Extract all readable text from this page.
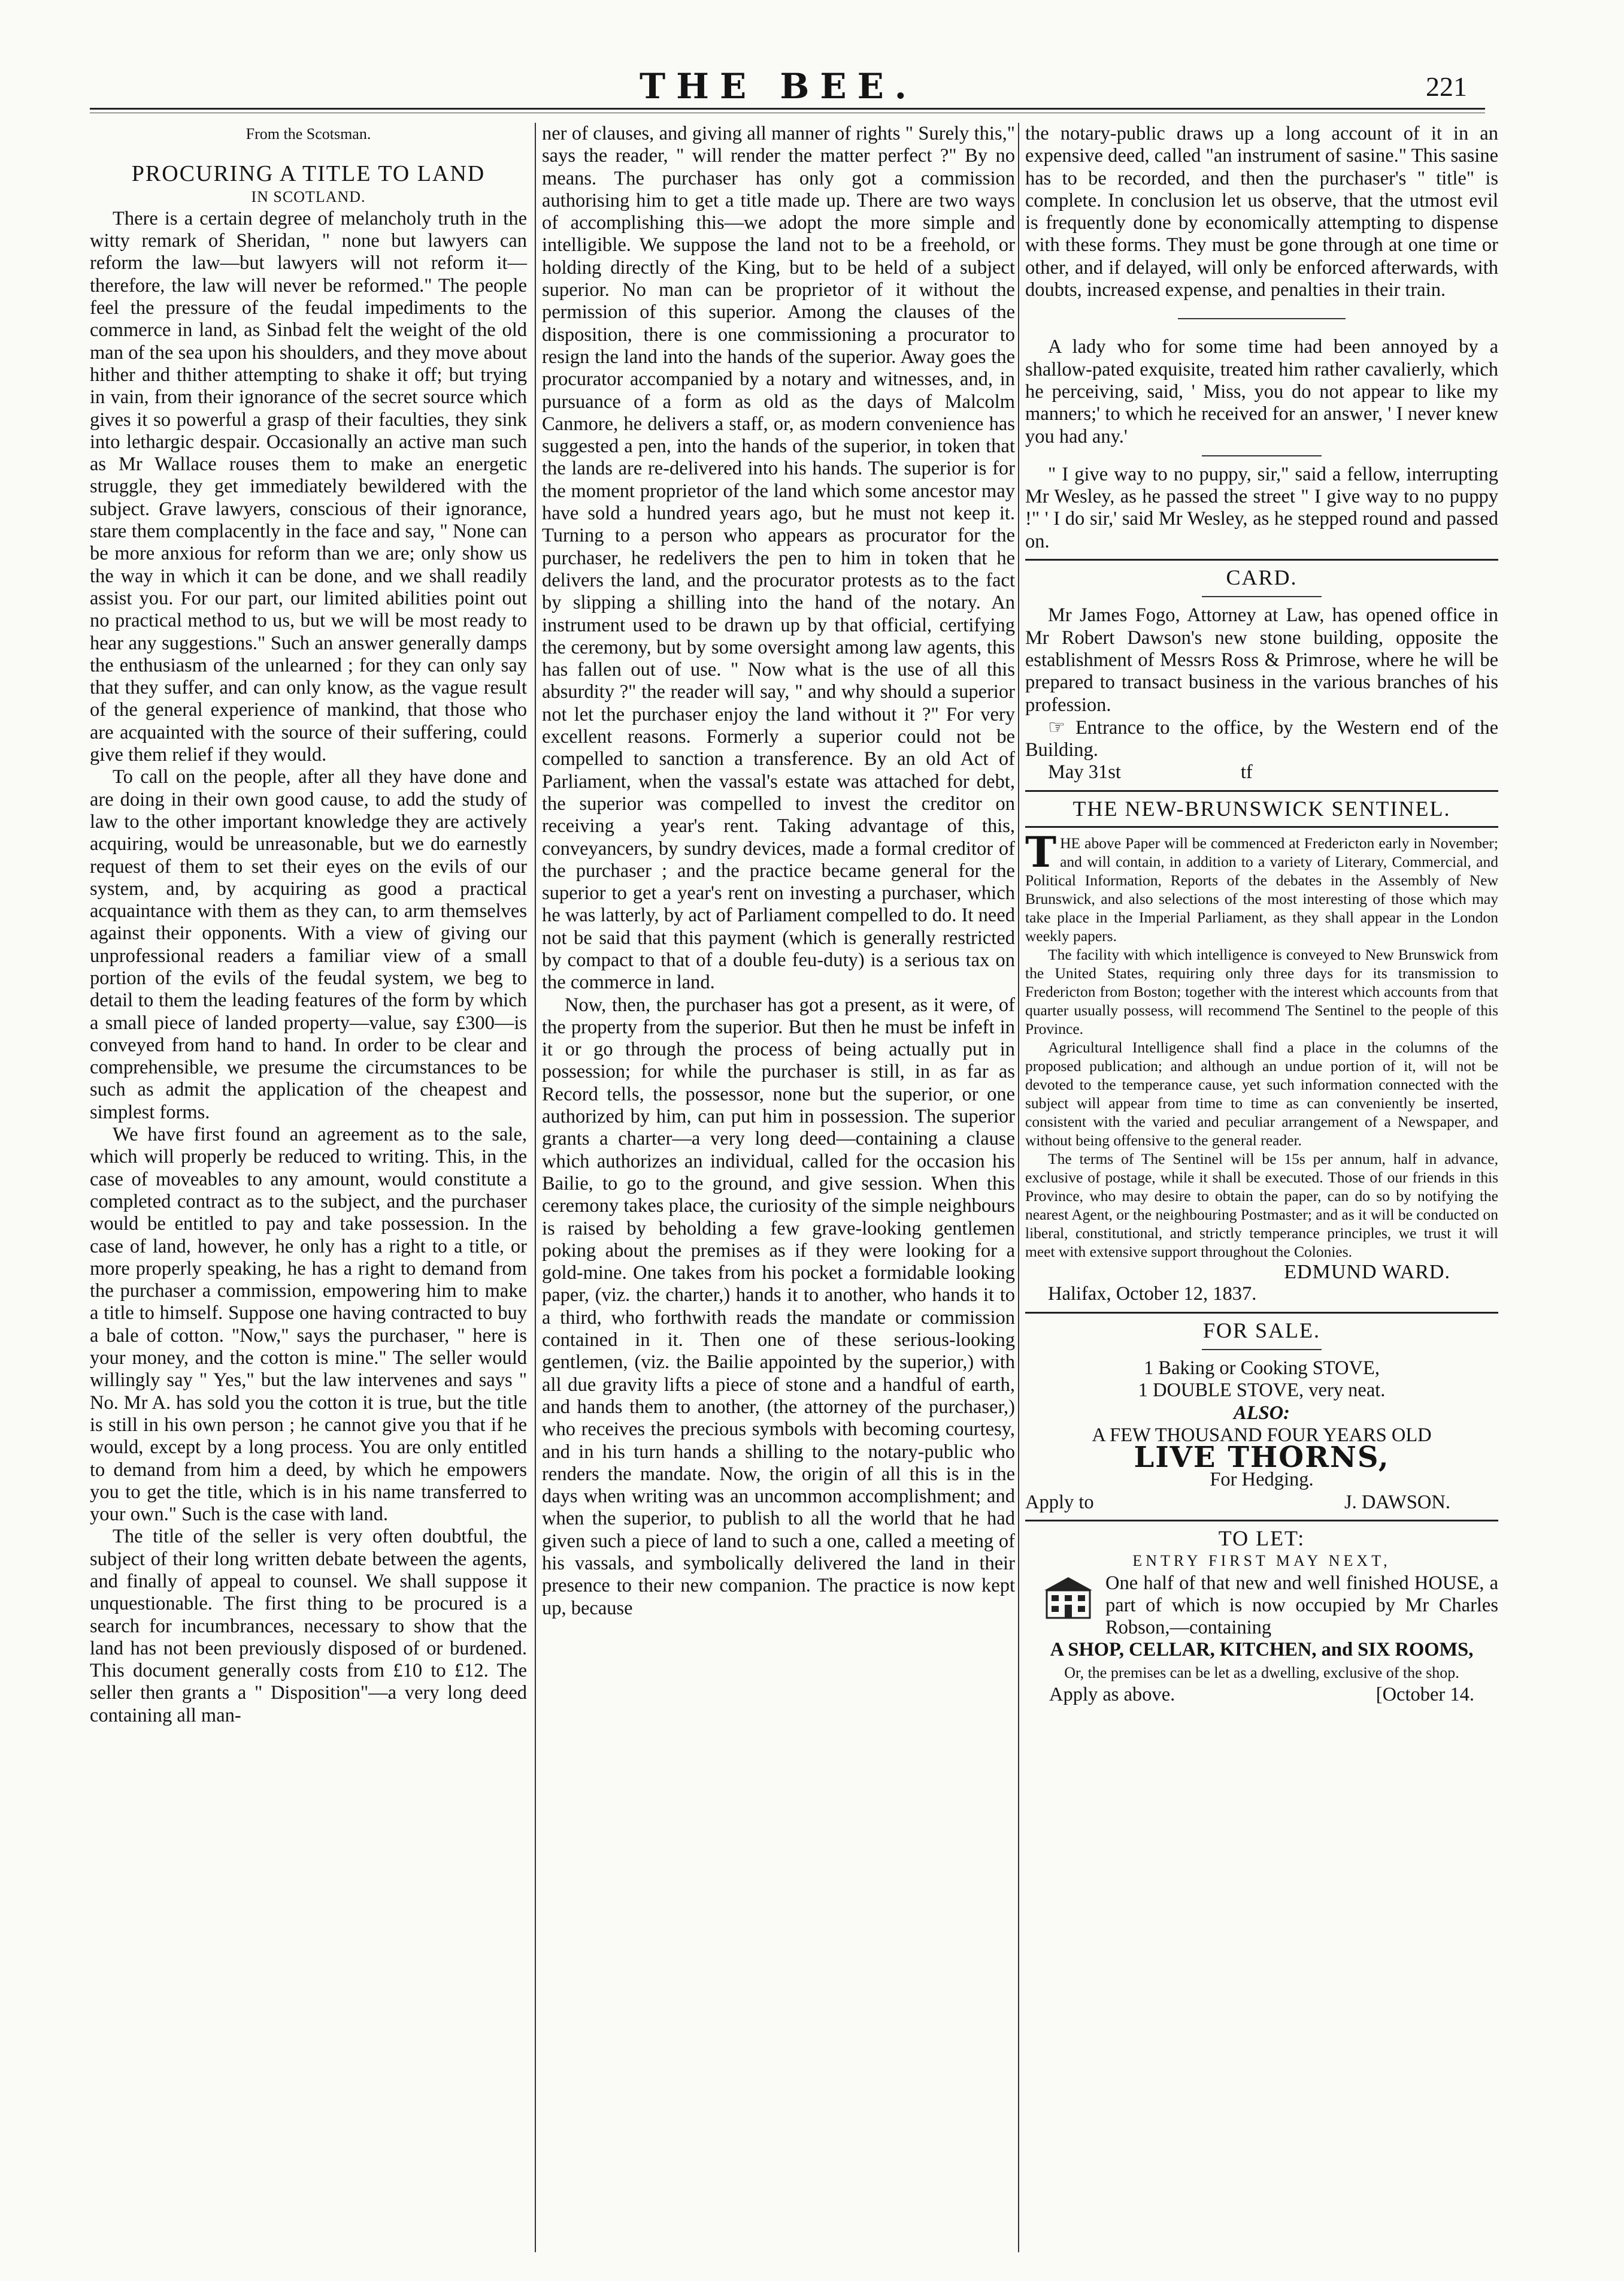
THE BEE.	221

From the Scotsman.

PROCURING A TITLE TO LAND

IN SCOTLAND.

There is a certain degree of melancholy truth in the witty remark of Sheridan, " none but lawyers can reform the law—but lawyers will not reform it—therefore, the law will never be reformed." The people feel the pressure of the feudal impediments to the commerce in land, as Sinbad felt the weight of the old man of the sea upon his shoulders, and they move about hither and thither attempting to shake it off; but trying in vain, from their ignorance of the secret source which gives it so powerful a grasp of their faculties, they sink into lethargic despair. Occasionally an active man such as Mr Wallace rouses them to make an energetic struggle, they get immediately bewildered with the subject. Grave lawyers, conscious of their ignorance, stare them complacently in the face and say, " None can be more anxious for reform than we are; only show us the way in which it can be done, and we shall readily assist you. For our part, our limited abilities point out no practical method to us, but we will be most ready to hear any suggestions." Such an answer generally damps the enthusiasm of the unlearned ; for they can only say that they suffer, and can only know, as the vague result of the general experience of mankind, that those who are acquainted with the source of their suffering, could give them relief if they would.

To call on the people, after all they have done and are doing in their own good cause, to add the study of law to the other important knowledge they are actively acquiring, would be unreasonable, but we do earnestly request of them to set their eyes on the evils of our system, and, by acquiring as good a practical acquaintance with them as they can, to arm themselves against their opponents. With a view of giving our unprofessional readers a familiar view of a small portion of the evils of the feudal system, we beg to detail to them the leading features of the form by which a small piece of landed property—value, say £300—is conveyed from hand to hand. In order to be clear and comprehensible, we presume the circumstances to be such as admit the application of the cheapest and simplest forms.

We have first found an agreement as to the sale, which will properly be reduced to writing. This, in the case of moveables to any amount, would constitute a completed contract as to the subject, and the purchaser would be entitled to pay and take possession. In the case of land, however, he only has a right to a title, or more properly speaking, he has a right to demand from the purchaser a commission, empowering him to make a title to himself. Suppose one having contracted to buy a bale of cotton. "Now," says the purchaser, " here is your money, and the cotton is mine." The seller would willingly say " Yes," but the law intervenes and says " No. Mr A. has sold you the cotton it is true, but the title is still in his own person ; he cannot give you that if he would, except by a long process. You are only entitled to demand from him a deed, by which he empowers you to get the title, which is in his name transferred to your own." Such is the case with land.

The title of the seller is very often doubtful, the subject of their long written debate between the agents, and finally of appeal to counsel. We shall suppose it unquestionable. The first thing to be procured is a search for incumbrances, necessary to show that the land has not been previously disposed of or burdened. This document generally costs from £10 to £12. The seller then grants a " Disposition"—a very long deed containing all man-

ner of clauses, and giving all manner of rights " Surely this," says the reader, " will render the matter perfect ?" By no means. The purchaser has only got a commission authorising him to get a title made up. There are two ways of accomplishing this—we adopt the more simple and intelligible. We suppose the land not to be a freehold, or holding directly of the King, but to be held of a subject superior. No man can be proprietor of it without the permission of this superior. Among the clauses of the disposition, there is one commissioning a procurator to resign the land into the hands of the superior. Away goes the procurator accompanied by a notary and witnesses, and, in pursuance of a form as old as the days of Malcolm Canmore, he delivers a staff, or, as modern convenience has suggested a pen, into the hands of the superior, in token that the lands are re-delivered into his hands. The superior is for the moment proprietor of the land which some ancestor may have sold a hundred years ago, but he must not keep it. Turning to a person who appears as procurator for the purchaser, he redelivers the pen to him in token that he delivers the land, and the procurator protests as to the fact by slipping a shilling into the hand of the notary. An instrument used to be drawn up by that official, certifying the ceremony, but by some oversight among law agents, this has fallen out of use. " Now what is the use of all this absurdity ?" the reader will say, " and why should a superior not let the purchaser enjoy the land without it ?" For very excellent reasons. Formerly a superior could not be compelled to sanction a transference. By an old Act of Parliament, when the vassal's estate was attached for debt, the superior was compelled to invest the creditor on receiving a year's rent. Taking advantage of this, conveyancers, by sundry devices, made a formal creditor of the purchaser ; and the practice became general for the superior to get a year's rent on investing a purchaser, which he was latterly, by act of Parliament compelled to do. It need not be said that this payment (which is generally restricted by compact to that of a double feu-duty) is a serious tax on the commerce in land.

Now, then, the purchaser has got a present, as it were, of the property from the superior. But then he must be infeft in it or go through the process of being actually put in possession; for while the purchaser is still, in as far as Record tells, the possessor, none but the superior, or one authorized by him, can put him in possession. The superior grants a charter—a very long deed—containing a clause which authorizes an individual, called for the occasion his Bailie, to go to the ground, and give session. When this ceremony takes place, the curiosity of the simple neighbours is raised by beholding a few grave-looking gentlemen poking about the premises as if they were looking for a gold-mine. One takes from his pocket a formidable looking paper, (viz. the charter,) hands it to another, who hands it to a third, who forthwith reads the mandate or commission contained in it. Then one of these serious-looking gentlemen, (viz. the Bailie appointed by the superior,) with all due gravity lifts a piece of stone and a handful of earth, and hands them to another, (the attorney of the purchaser,) who receives the precious symbols with becoming courtesy, and in his turn hands a shilling to the notary-public who renders the mandate. Now, the origin of all this is in the days when writing was an uncommon accomplishment; and when the superior, to publish to all the world that he had given such a piece of land to such a one, called a meeting of his vassals, and symbolically delivered the land in their presence to their new companion. The practice is now kept up, because

the notary-public draws up a long account of it in an expensive deed, called "an instrument of sasine." This sasine has to be recorded, and then the purchaser's " title" is complete. In conclusion let us observe, that the utmost evil is frequently done by economically attempting to dispense with these forms. They must be gone through at one time or other, and if delayed, will only be enforced afterwards, with doubts, increased expense, and penalties in their train.

A lady who for some time had been annoyed by a shallow-pated exquisite, treated him rather cavalierly, which he perceiving, said, ' Miss, you do not appear to like my manners;' to which he received for an answer, ' I never knew you had any.'

" I give way to no puppy, sir," said a fellow, interrupting Mr Wesley, as he passed the street " I give way to no puppy !" ' I do sir,' said Mr Wesley, as he stepped round and passed on.

CARD.

Mr James Fogo, Attorney at Law, has opened office in Mr Robert Dawson's new stone building, opposite the establishment of Messrs Ross & Primrose, where he will be prepared to transact business in the various branches of his profession.

☞ Entrance to the office, by the Western end of the Building.

May 31st	tf

THE NEW-BRUNSWICK SENTINEL.

THE above Paper will be commenced at Fredericton early in November; and will contain, in addition to a variety of Literary, Commercial, and Political Information, Reports of the debates in the Assembly of New Brunswick, and also selections of the most interesting of those which may take place in the Imperial Parliament, as they shall appear in the London weekly papers.

The facility with which intelligence is conveyed to New Brunswick from the United States, requiring only three days for its transmission to Fredericton from Boston; together with the interest which accounts from that quarter usually possess, will recommend The Sentinel to the people of this Province.

Agricultural Intelligence shall find a place in the columns of the proposed publication; and although an undue portion of it, will not be devoted to the temperance cause, yet such information connected with the subject will appear from time to time as can conveniently be inserted, consistent with the varied and peculiar arrangement of a Newspaper, and without being offensive to the general reader.

The terms of The Sentinel will be 15s per annum, half in advance, exclusive of postage, while it shall be executed. Those of our friends in this Province, who may desire to obtain the paper, can do so by notifying the nearest Agent, or the neighbouring Postmaster; and as it will be conducted on liberal, constitutional, and strictly temperance principles, we trust it will meet with extensive support throughout the Colonies.

EDMUND WARD.

Halifax, October 12, 1837.

FOR SALE.

1 Baking or Cooking STOVE,

1 DOUBLE STOVE, very neat.

ALSO:

A FEW THOUSAND FOUR YEARS OLD

LIVE THORNS,

For Hedging.

Apply to	J. DAWSON.

TO LET:

ENTRY FIRST MAY NEXT,

One half of that new and well finished HOUSE, a part of which is now occupied by Mr Charles Robson,—containing

A SHOP, CELLAR, KITCHEN, and SIX ROOMS,

Or, the premises can be let as a dwelling, exclusive of the shop.

Apply as above.	[October 14.
